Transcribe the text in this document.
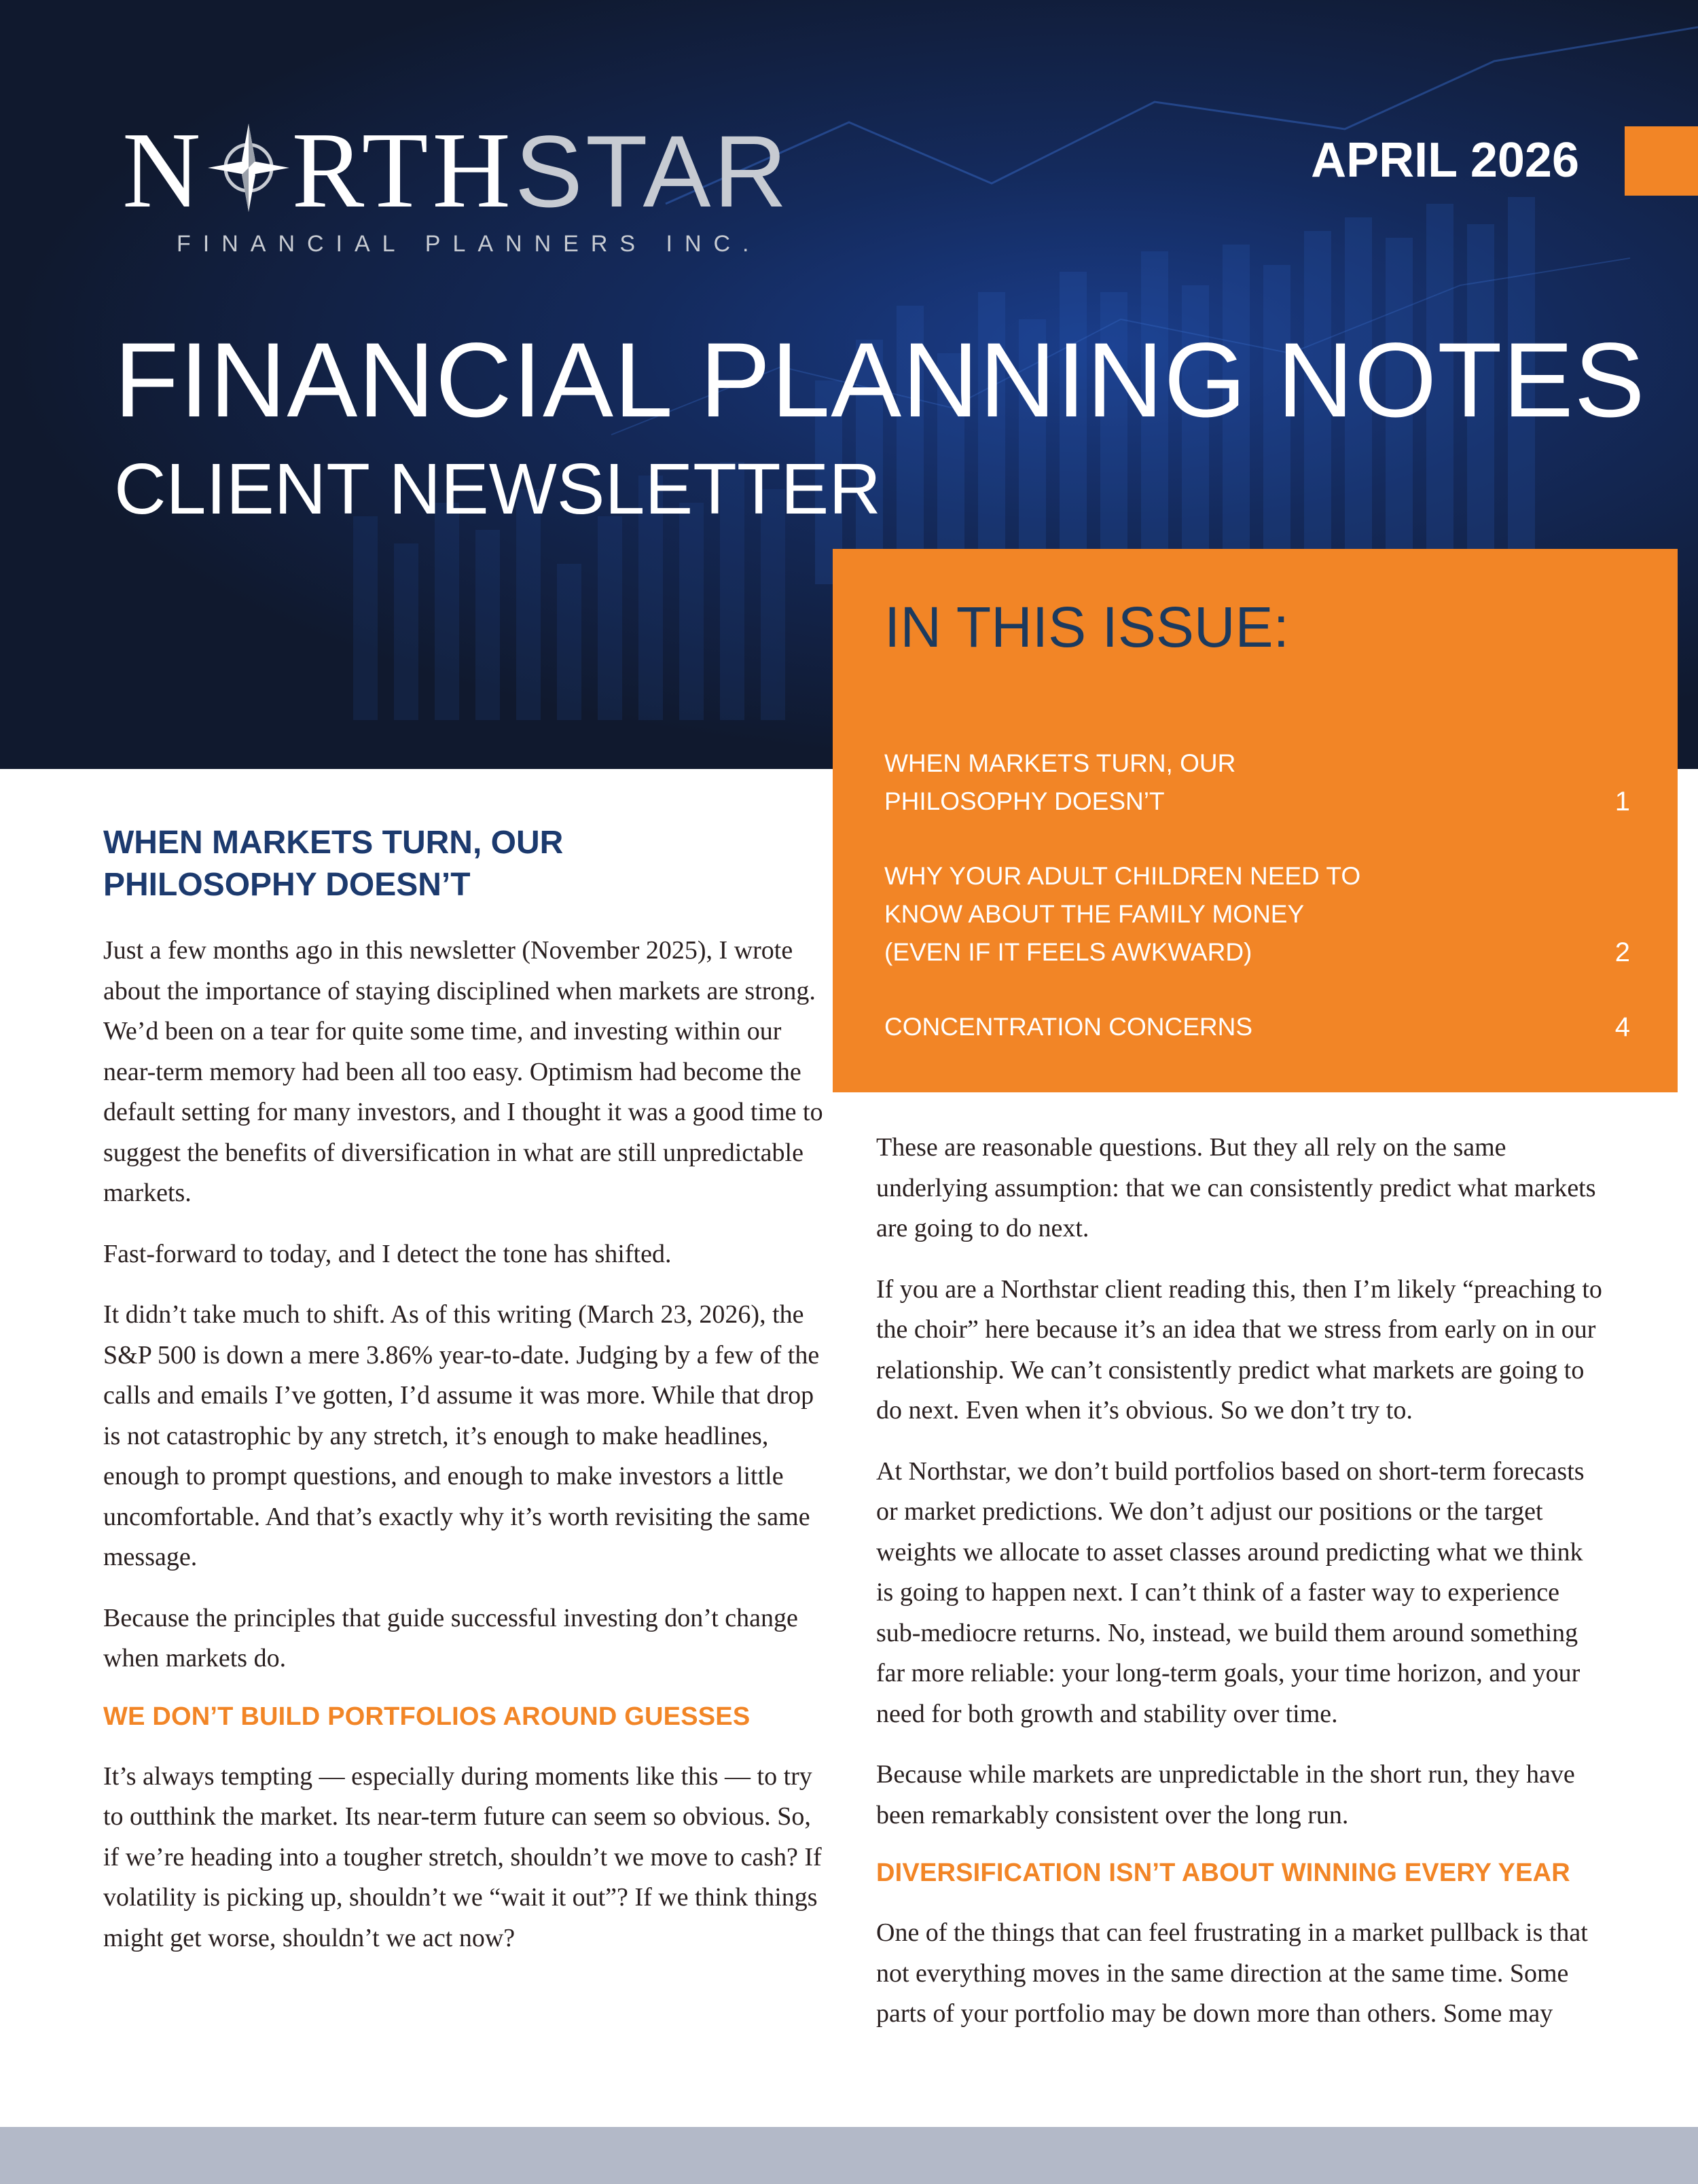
N RTHSTAR
FINANCIAL PLANNERS INC.
APRIL 2026
FINANCIAL PLANNING NOTES
CLIENT NEWSLETTER
IN THIS ISSUE:
WHEN MARKETS TURN, OUR
PHILOSOPHY DOESN’T	1
WHY YOUR ADULT CHILDREN NEED TO
KNOW ABOUT THE FAMILY MONEY
(EVEN IF IT FEELS AWKWARD)	2
CONCENTRATION CONCERNS	4
WHEN MARKETS TURN, OUR
PHILOSOPHY DOESN’T

Just a few months ago in this newsletter (November 2025), I wrote about the importance of staying disciplined when markets are strong. We’d been on a tear for quite some time, and investing within our near-term memory had been all too easy. Optimism had become the default setting for many investors, and I thought it was a good time to suggest the benefits of diversification in what are still unpredictable markets.

Fast-forward to today, and I detect the tone has shifted.

It didn’t take much to shift. As of this writing (March 23, 2026), the S&P 500 is down a mere 3.86% year-to-date. Judging by a few of the calls and emails I’ve gotten, I’d assume it was more. While that drop is not catastrophic by any stretch, it’s enough to make headlines, enough to prompt questions, and enough to make investors a little uncomfortable. And that’s exactly why it’s worth revisiting the same message.

Because the principles that guide successful investing don’t change when markets do.

WE DON’T BUILD PORTFOLIOS AROUND GUESSES

It’s always tempting — especially during moments like this — to try to outthink the market. Its near-term future can seem so obvious. So, if we’re heading into a tougher stretch, shouldn’t we move to cash? If volatility is picking up, shouldn’t we “wait it out”? If we think things might get worse, shouldn’t we act now?

These are reasonable questions. But they all rely on the same underlying assumption: that we can consistently predict what markets are going to do next.

If you are a Northstar client reading this, then I’m likely “preaching to the choir” here because it’s an idea that we stress from early on in our relationship. We can’t consistently predict what markets are going to do next. Even when it’s obvious. So we don’t try to.

At Northstar, we don’t build portfolios based on short-term forecasts or market predictions. We don’t adjust our positions or the target weights we allocate to asset classes around predicting what we think is going to happen next. I can’t think of a faster way to experience sub-mediocre returns. No, instead, we build them around something far more reliable: your long-term goals, your time horizon, and your need for both growth and stability over time.

Because while markets are unpredictable in the short run, they have been remarkably consistent over the long run.

DIVERSIFICATION ISN’T ABOUT WINNING EVERY YEAR

One of the things that can feel frustrating in a market pullback is that not everything moves in the same direction at the same time. Some parts of your portfolio may be down more than others. Some may
